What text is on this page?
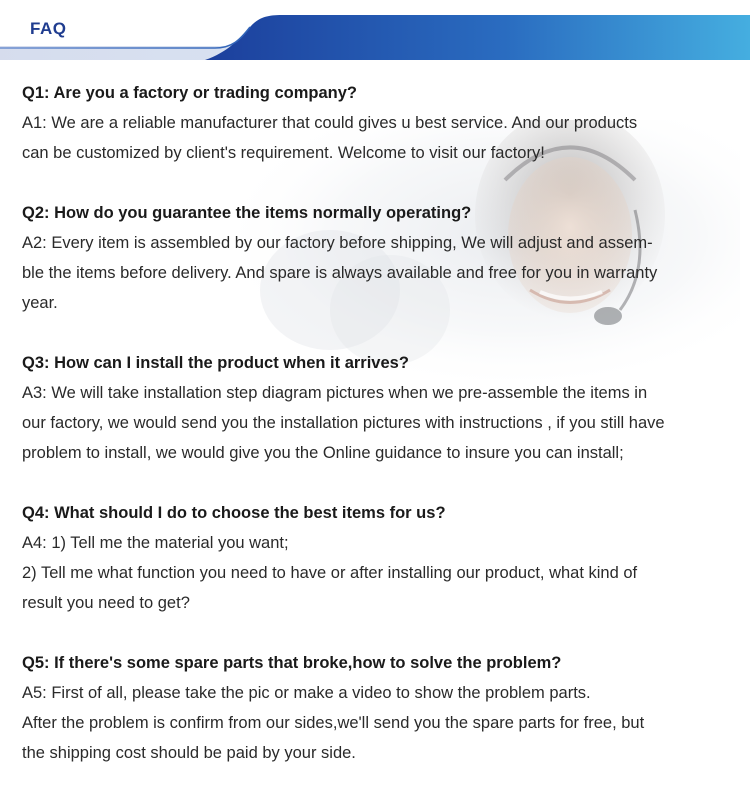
FAQ
Q1: Are you a factory or trading company?
A1: We are a reliable manufacturer that could gives u best service. And our products
can be customized by client's requirement. Welcome to visit our factory!
Q2: How do you guarantee the items normally operating?
A2: Every item is assembled by our factory before shipping, We will adjust and assem-
ble the items before delivery. And spare is always available and free for you in warranty
year.
Q3: How can I install the product when it arrives?
A3: We will take installation step diagram pictures when we pre-assemble the items in
our factory, we would send you the installation pictures with instructions , if you still have
problem to install, we would give you the Online guidance to insure you can install;
Q4: What should I do to choose the best items for us?
A4: 1) Tell me the material you want;
2) Tell me what function you need to have or after installing our product, what kind of
result you need to get?
Q5: If there's some spare parts that broke,how to solve the problem?
A5: First of all, please take the pic or make a video to show the problem parts.
After the problem is confirm from our sides,we'll send you the spare parts for free, but
the shipping cost should be paid by your side.
